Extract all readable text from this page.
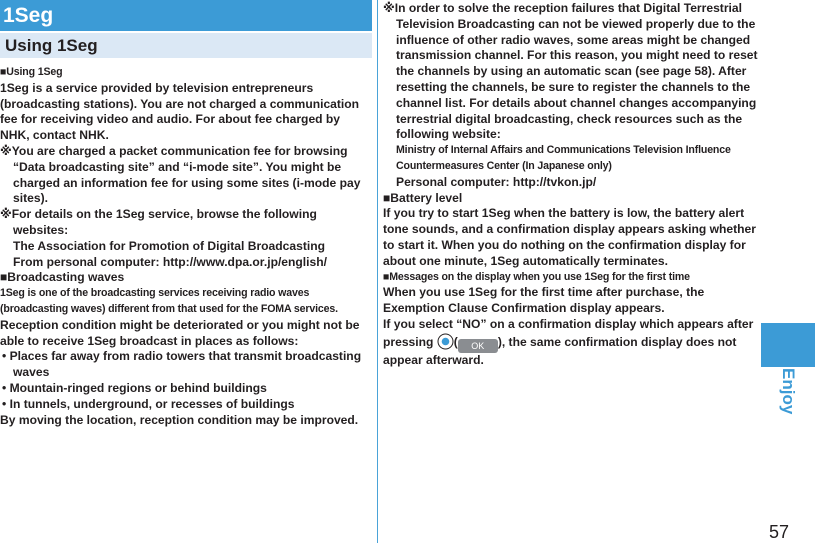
1Seg
Using 1Seg

■Using 1Seg

1Seg is a service provided by television entrepreneurs (broadcasting stations). You are not charged a communication fee for receiving video and audio. For about fee charged by NHK, contact NHK.

※You are charged a packet communication fee for browsing “Data broadcasting site” and “i-mode site”. You might be charged an information fee for using some sites (i-mode pay sites).

※For details on the 1Seg service, browse the following websites:

The Association for Promotion of Digital Broadcasting

From personal computer: http://www.dpa.or.jp/english/

■Broadcasting waves

1Seg is one of the broadcasting services receiving radio waves (broadcasting waves) different from that used for the FOMA services.

Reception condition might be deteriorated or you might not be able to receive 1Seg broadcast in places as follows:

• Places far away from radio towers that transmit broadcasting waves

• Mountain-ringed regions or behind buildings

• In tunnels, underground, or recesses of buildings

By moving the location, reception condition may be improved.

※In order to solve the reception failures that Digital Terrestrial Television Broadcasting can not be viewed properly due to the influence of other radio waves, some areas might be changed transmission channel. For this reason, you might need to reset the channels by using an automatic scan (see page 58). After resetting the channels, be sure to register the channels to the channel list. For details about channel changes accompanying terrestrial digital broadcasting, check resources such as the following website:

Ministry of Internal Affairs and Communications Television Influence Countermeasures Center (In Japanese only)

Personal computer: http://tvkon.jp/

■Battery level

If you try to start 1Seg when the battery is low, the battery alert tone sounds, and a confirmation display appears asking whether to start it. When you do nothing on the confirmation display for about one minute, 1Seg automatically terminates.

■Messages on the display when you use 1Seg for the first time

When you use 1Seg for the first time after purchase, the Exemption Clause Confirmation display appears.

If you select “NO” on a confirmation display which appears after pressing ( OK ), the same confirmation display does not appear afterward.

Enjoy
57
